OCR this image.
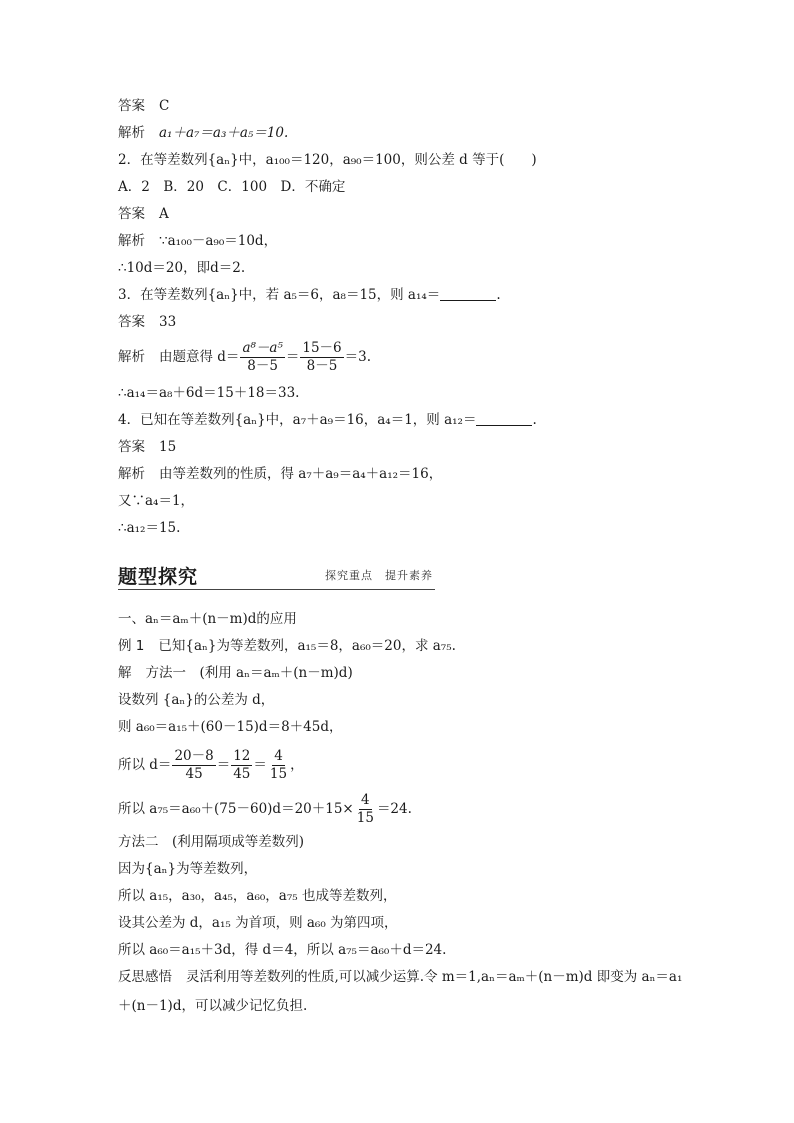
答案 C
解析 a₁＋a₇＝a₃＋a₅＝10.
2．在等差数列{aₙ}中，a₁₀₀＝120，a₉₀＝100，则公差 d 等于(　　)
A．2　B．20　C．100　D．不确定
答案 A
解析 ∵a₁₀₀－a₉₀＝10d，
∴10d＝20，即d＝2.
3．在等差数列{aₙ}中，若 a₅＝6，a₈＝15，则 a₁₄＝	.
答案 33
解析 由题意得 $d= \frac{\text{a⁸－a⁵}}{8-5} = \frac{15-6}{8-5} =3$.
∴a₁₄＝a₈＋6d＝15＋18＝33.
4．已知在等差数列{aₙ}中，a₇＋a₉＝16，a₄＝1，则 a₁₂＝	.
答案 15
解析 由等差数列的性质，得 a₇＋a₉＝a₄＋a₁₂＝16，
又∵a₄＝1，
∴a₁₂＝15.
题型探究	探究重点　提升素养
一、aₙ＝aₘ＋(n－m)d的应用
例 1 已知{aₙ}为等差数列，a₁₅＝8，a₆₀＝20，求 a₇₅.
解 方法一　(利用 aₙ＝aₘ＋(n－m)d)
设数列 {aₙ}的公差为 d，
则 a₆₀＝a₁₅＋(60－15)d＝8＋45d，
所以 $d= \frac{20-8}{45} = \frac{12}{45} = \frac{4}{15}$ ，
所以 $a_{75}=a_{60}+(75-60)d=20+15\times \frac{4}{15} =24$.
方法二　(利用隔项成等差数列)
因为{aₙ}为等差数列，
所以 a₁₅，a₃₀，a₄₅，a₆₀，a₇₅ 也成等差数列，
设其公差为 d，a₁₅ 为首项，则 a₆₀ 为第四项，
所以 a₆₀＝a₁₅＋3d，得 d＝4，所以 a₇₅＝a₆₀＋d＝24.
反思感悟 灵活利用等差数列的性质,可以减少运算.令 m＝1,aₙ＝aₘ＋(n－m)d 即变为 aₙ＝a₁
＋(n－1)d，可以减少记忆负担.
